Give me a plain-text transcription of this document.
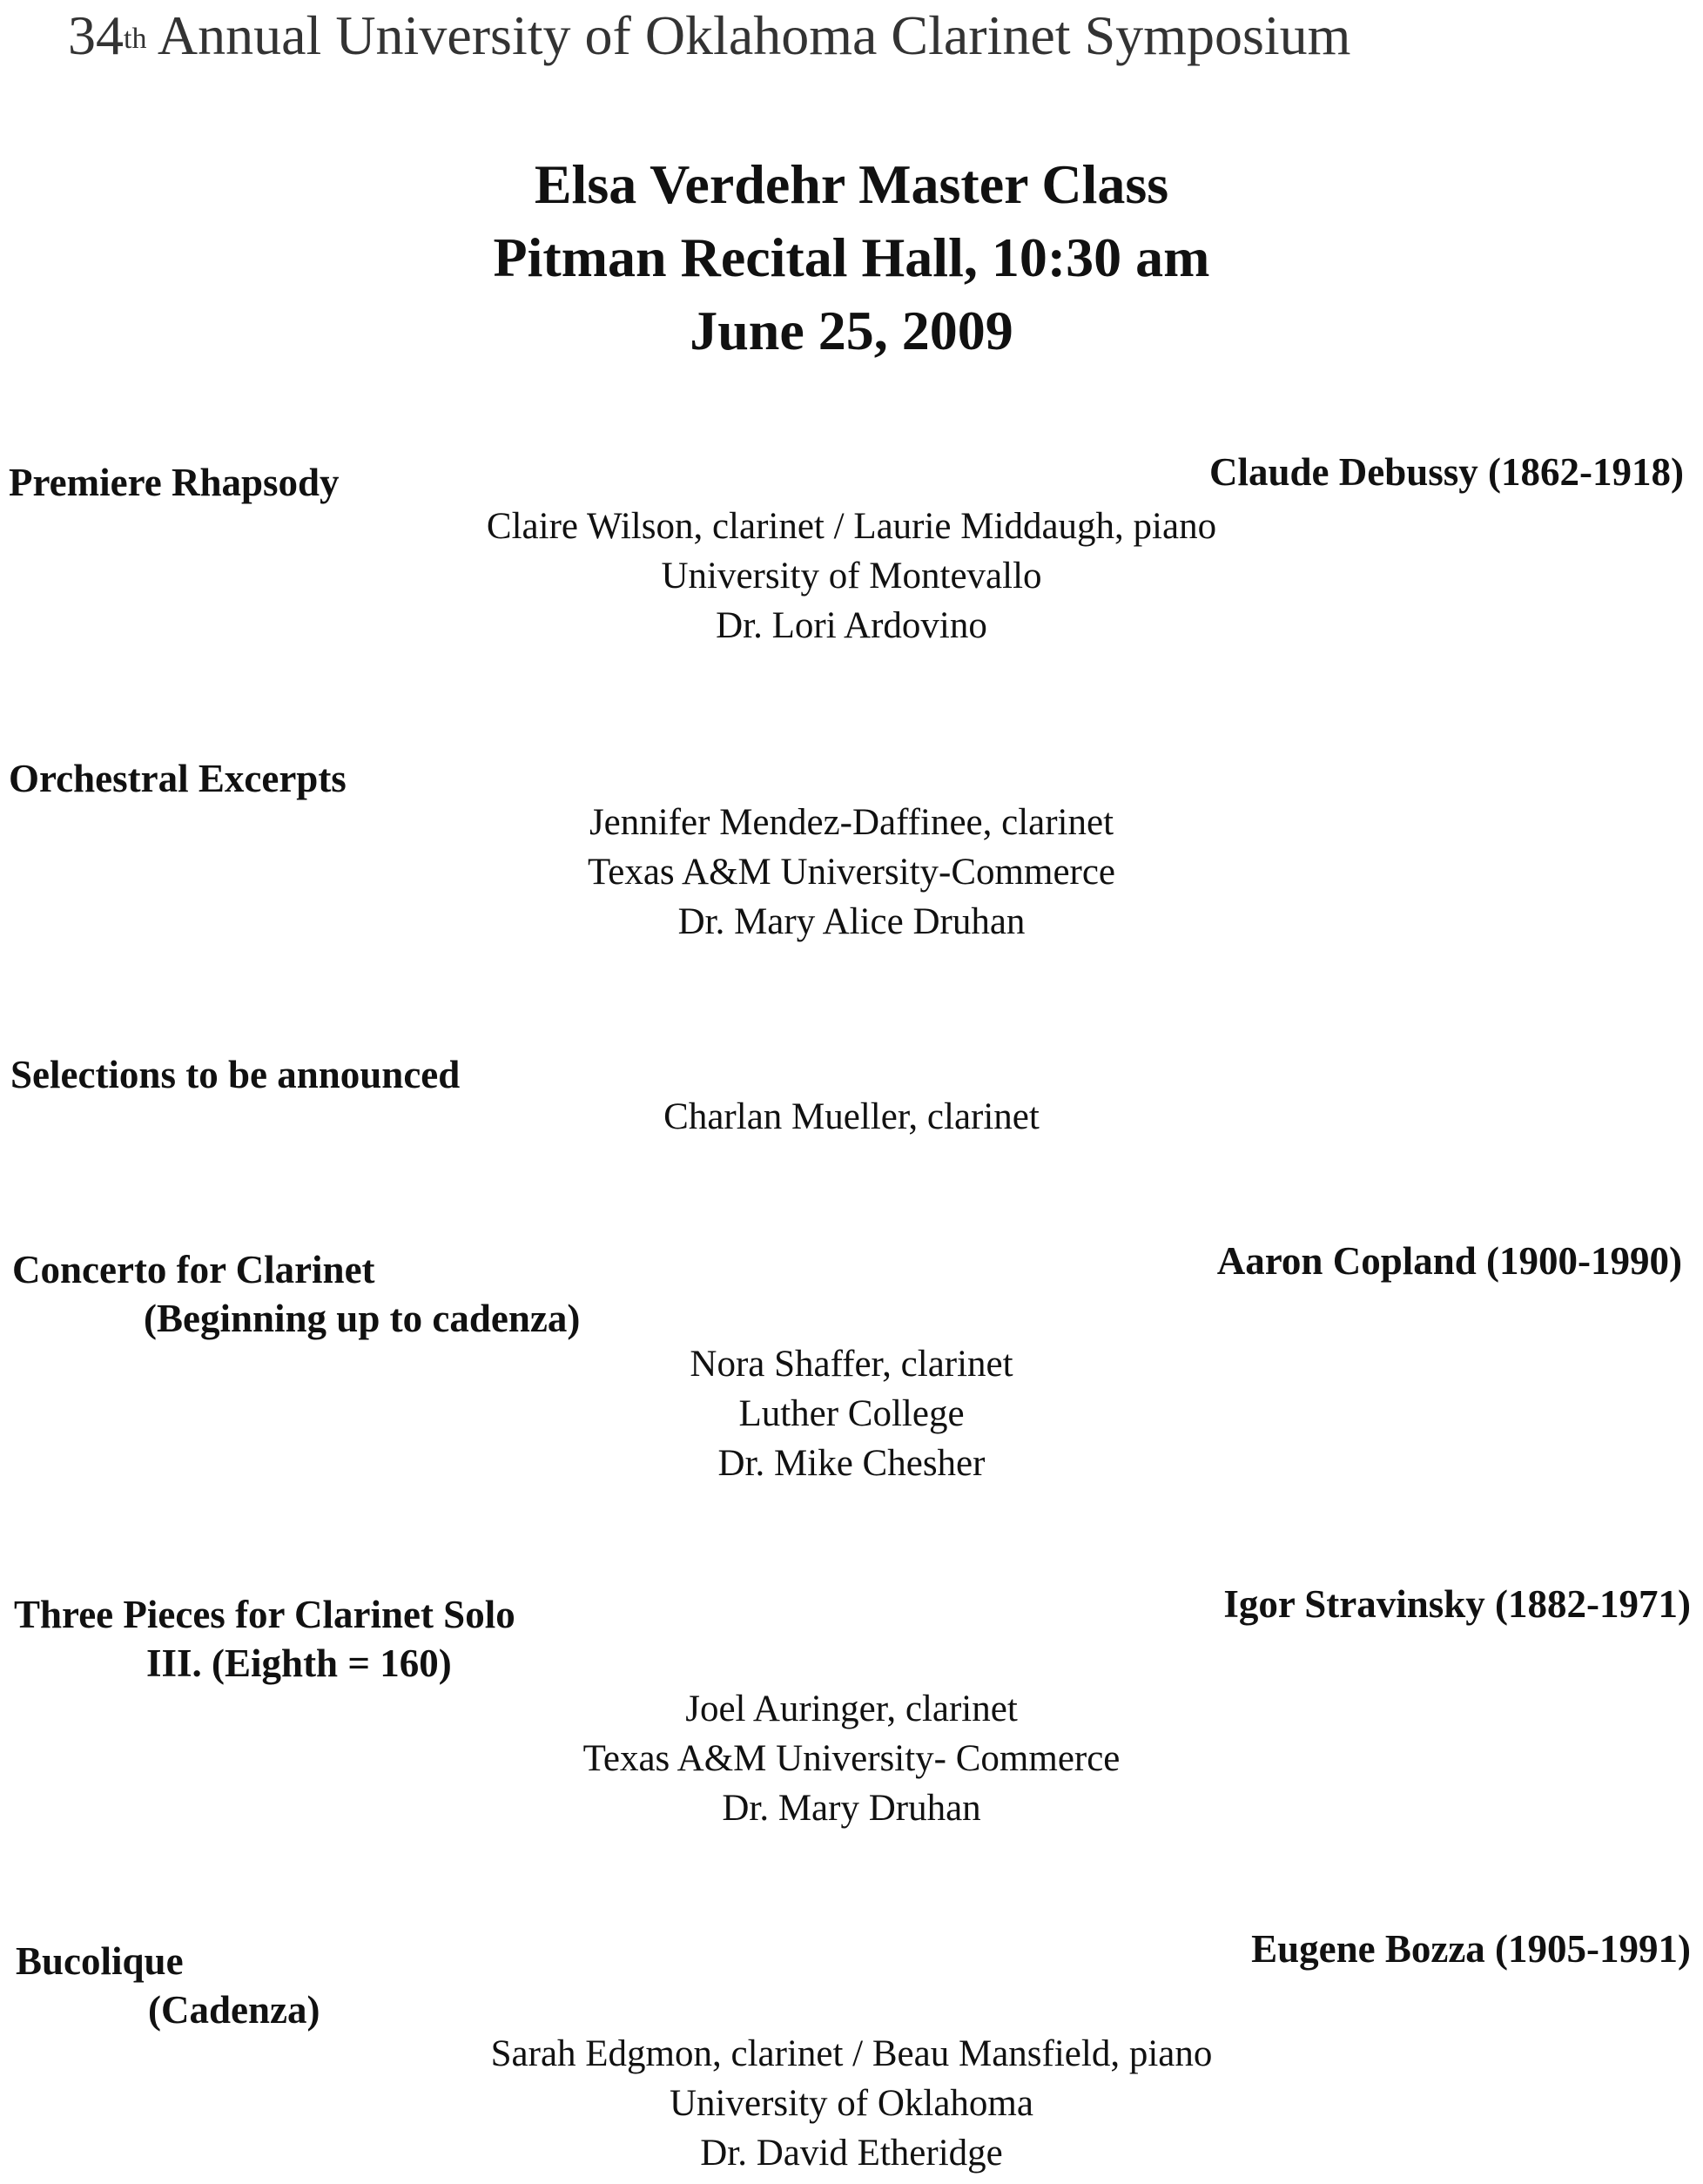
34th Annual University of Oklahoma Clarinet Symposium
Elsa Verdehr Master Class
Pitman Recital Hall, 10:30 am
June 25, 2009
Premiere Rhapsody	Claude Debussy (1862-1918)
Claire Wilson, clarinet / Laurie Middaugh, piano
University of Montevallo
Dr. Lori Ardovino
Orchestral Excerpts
Jennifer Mendez-Daffinee, clarinet
Texas A&M University-Commerce
Dr. Mary Alice Druhan
Selections to be announced
Charlan Mueller, clarinet
Concerto for Clarinet
(Beginning up to cadenza)
Aaron Copland (1900-1990)
Nora Shaffer, clarinet
Luther College
Dr. Mike Chesher
Three Pieces for Clarinet Solo
III. (Eighth = 160)
Igor Stravinsky (1882-1971)
Joel Auringer, clarinet
Texas A&M University- Commerce
Dr. Mary Druhan
Bucolique
(Cadenza)
Eugene Bozza (1905-1991)
Sarah Edgmon, clarinet / Beau Mansfield, piano
University of Oklahoma
Dr. David Etheridge
